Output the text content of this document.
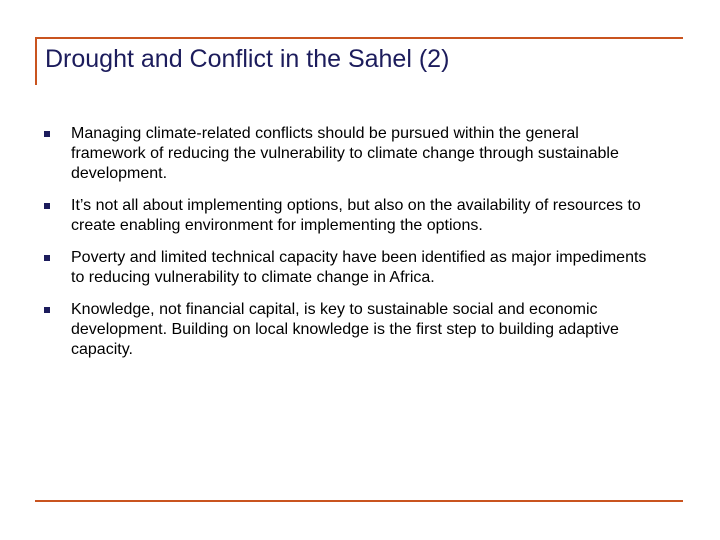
Drought and Conflict in the Sahel (2)
Managing climate-related conflicts should be pursued within the general framework of reducing the vulnerability to climate change through sustainable development.
It’s not all about implementing options, but also on the availability of resources to create enabling environment for implementing the options.
Poverty and limited technical capacity have been identified as major impediments to reducing vulnerability to climate change in Africa.
Knowledge, not financial capital, is key to sustainable social and economic development. Building on local knowledge is the first step to building adaptive capacity.
